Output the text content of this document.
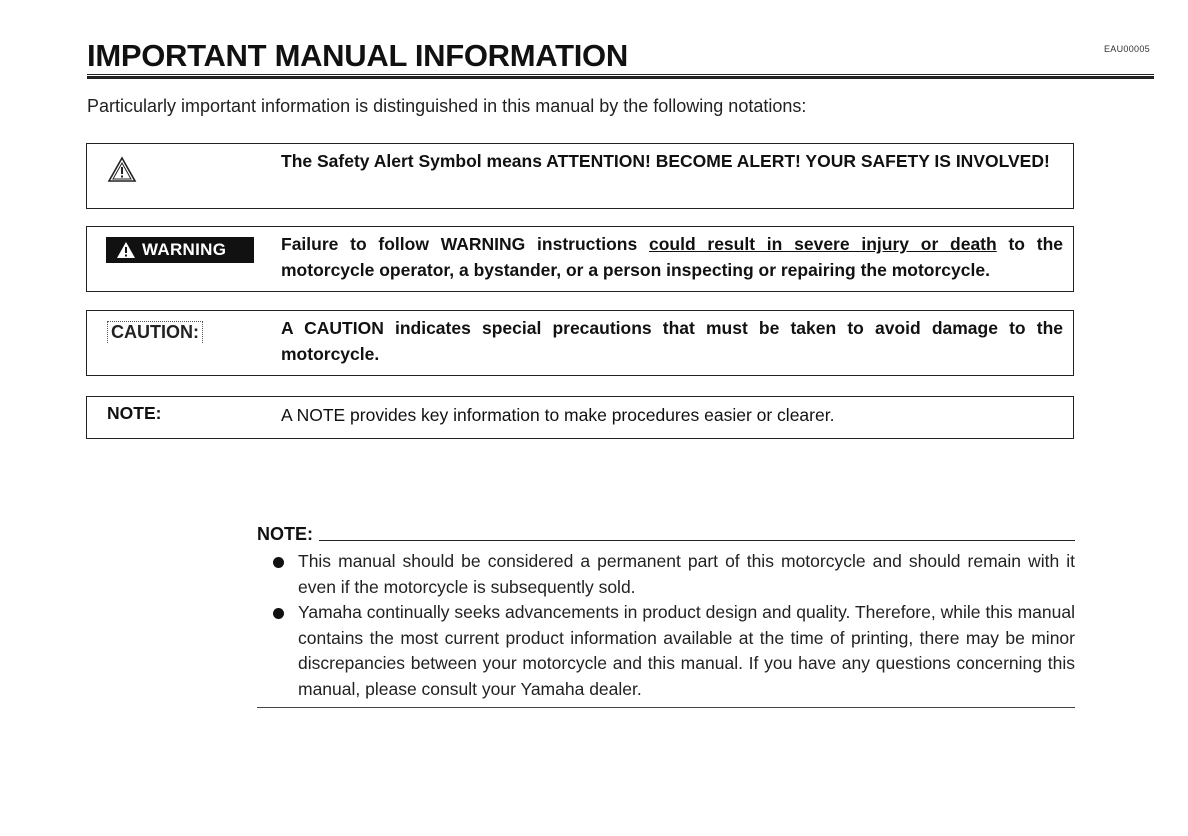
IMPORTANT MANUAL INFORMATION	EAU00005
Particularly important information is distinguished in this manual by the following notations:
The Safety Alert Symbol means ATTENTION! BECOME ALERT! YOUR SAFETY IS INVOLVED!
WARNING	Failure to follow WARNING instructions could result in severe injury or death to the motorcycle operator, a bystander, or a person inspecting or repairing the motorcycle.
CAUTION:	A CAUTION indicates special precautions that must be taken to avoid damage to the motorcycle.
NOTE:	A NOTE provides key information to make procedures easier or clearer.
NOTE:
This manual should be considered a permanent part of this motorcycle and should remain with it even if the motorcycle is subsequently sold.
Yamaha continually seeks advancements in product design and quality. Therefore, while this manual contains the most current product information available at the time of printing, there may be minor discrepancies between your motorcycle and this manual. If you have any questions concerning this manual, please consult your Yamaha dealer.
